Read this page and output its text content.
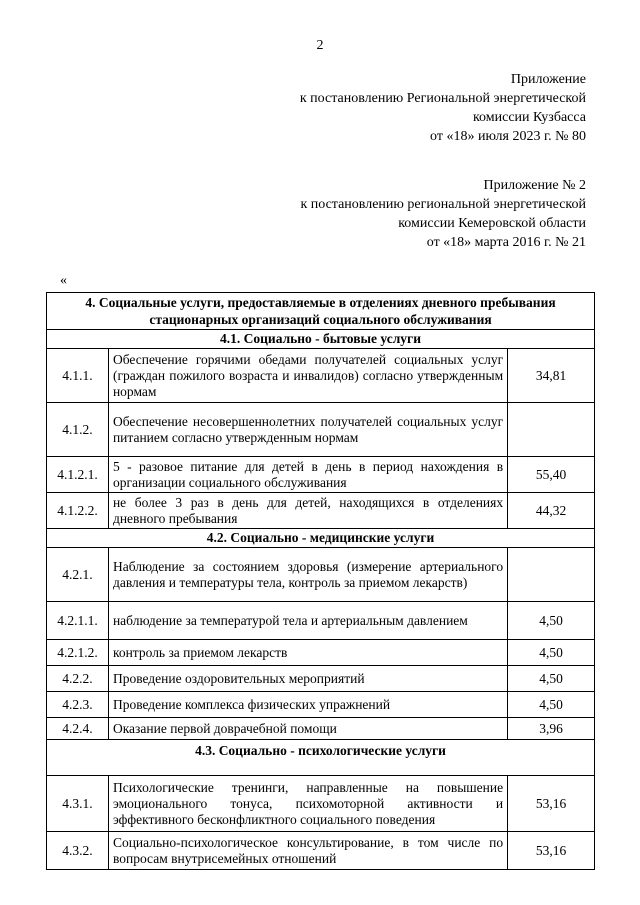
2
Приложение
к постановлению Региональной энергетической
комиссии Кузбасса
от «18» июля 2023 г. № 80
Приложение № 2
к постановлению региональной энергетической
комиссии Кемеровской области
от «18» марта 2016 г. № 21
«
4. Социальные услуги, предоставляемые в отделениях дневного пребывания стационарных организаций социального обслуживания		
4.1. Социально - бытовые услуги		
4.1.1.	Обеспечение горячими обедами получателей социальных услуг (граждан пожилого возраста и инвалидов) согласно утвержденным нормам	34,81
4.1.2.	Обеспечение несовершеннолетних получателей социальных услуг питанием согласно утвержденным нормам	
4.1.2.1.	5 - разовое питание для детей в день в период нахождения в организации социального обслуживания	55,40
4.1.2.2.	не более 3 раз в день для детей, находящихся в отделениях дневного пребывания	44,32
4.2. Социально - медицинские услуги		
4.2.1.	Наблюдение за состоянием здоровья (измерение артериального давления и температуры тела, контроль за приемом лекарств)	
4.2.1.1.	наблюдение за температурой тела и артериальным давлением	4,50
4.2.1.2.	контроль за приемом лекарств	4,50
4.2.2.	Проведение оздоровительных мероприятий	4,50
4.2.3.	Проведение комплекса физических упражнений	4,50
4.2.4.	Оказание первой доврачебной помощи	3,96
4.3. Социально - психологические услуги		
4.3.1.	Психологические тренинги, направленные на повышение эмоционального тонуса, психомоторной активности и эффективного бесконфликтного социального поведения	53,16
4.3.2.	Социально-психологическое консультирование, в том числе по вопросам внутрисемейных отношений	53,16
